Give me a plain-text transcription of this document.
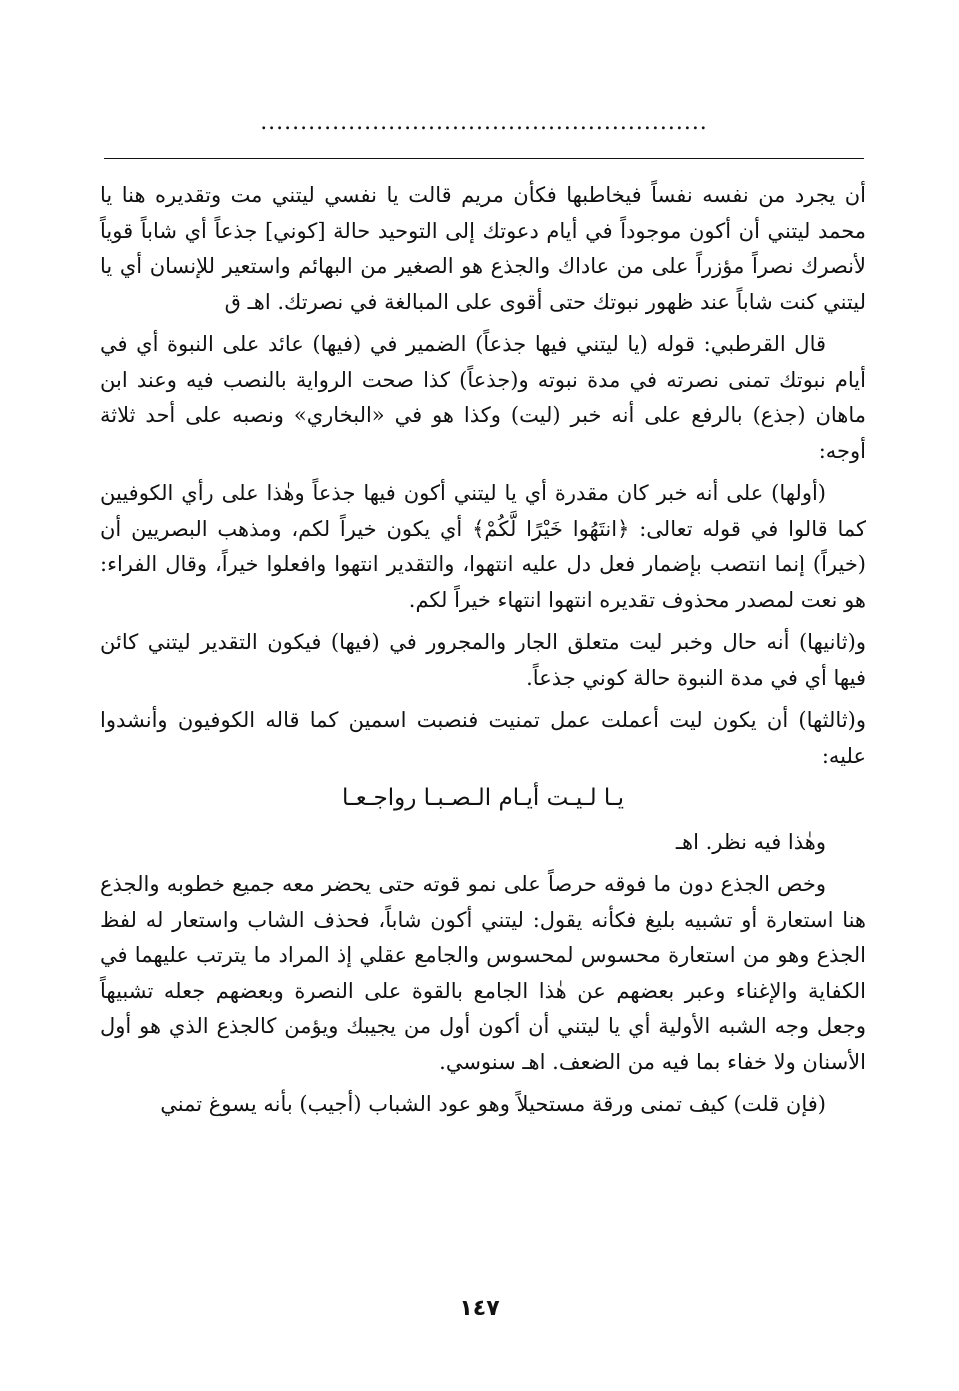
........................................................

أن يجرد من نفسه نفساً فيخاطبها فكأن مريم قالت يا نفسي ليتني مت وتقديره هنا يا محمد ليتني أن أكون موجوداً في أيام دعوتك إلى التوحيد حالة [كوني] جذعاً أي شاباً قوياً لأنصرك نصراً مؤزراً على من عاداك والجذع هو الصغير من البهائم واستعير للإنسان أي يا ليتني كنت شاباً عند ظهور نبوتك حتى أقوى على المبالغة في نصرتك. اهـ ق

قال القرطبي: قوله (يا ليتني فيها جذعاً) الضمير في (فيها) عائد على النبوة أي في أيام نبوتك تمنى نصرته في مدة نبوته و(جذعاً) كذا صحت الرواية بالنصب فيه وعند ابن ماهان (جذع) بالرفع على أنه خبر (ليت) وكذا هو في «البخاري» ونصبه على أحد ثلاثة أوجه:

(أولها) على أنه خبر كان مقدرة أي يا ليتني أكون فيها جذعاً وهٰذا على رأي الكوفيين كما قالوا في قوله تعالى: ﴿انتَهُوا خَيْرًا لَّكُمْ﴾ أي يكون خيراً لكم، ومذهب البصريين أن (خيراً) إنما انتصب بإضمار فعل دل عليه انتهوا، والتقدير انتهوا وافعلوا خيراً، وقال الفراء: هو نعت لمصدر محذوف تقديره انتهوا انتهاء خيراً لكم.

و(ثانيها) أنه حال وخبر ليت متعلق الجار والمجرور في (فيها) فيكون التقدير ليتني كائن فيها أي في مدة النبوة حالة كوني جذعاً.

و(ثالثها) أن يكون ليت أعملت عمل تمنيت فنصبت اسمين كما قاله الكوفيون وأنشدوا عليه:

يـا لـيـت أيـام الـصـبـا رواجـعـا

وهٰذا فيه نظر. اهـ

وخص الجذع دون ما فوقه حرصاً على نمو قوته حتى يحضر معه جميع خطوبه والجذع هنا استعارة أو تشبيه بليغ فكأنه يقول: ليتني أكون شاباً، فحذف الشاب واستعار له لفظ الجذع وهو من استعارة محسوس لمحسوس والجامع عقلي إذ المراد ما يترتب عليهما في الكفاية والإغناء وعبر بعضهم عن هٰذا الجامع بالقوة على النصرة وبعضهم جعله تشبيهاً وجعل وجه الشبه الأولية أي يا ليتني أن أكون أول من يجيبك ويؤمن كالجذع الذي هو أول الأسنان ولا خفاء بما فيه من الضعف. اهـ سنوسي.

(فإن قلت) كيف تمنى ورقة مستحيلاً وهو عود الشباب (أجيب) بأنه يسوغ تمني

١٤٧
